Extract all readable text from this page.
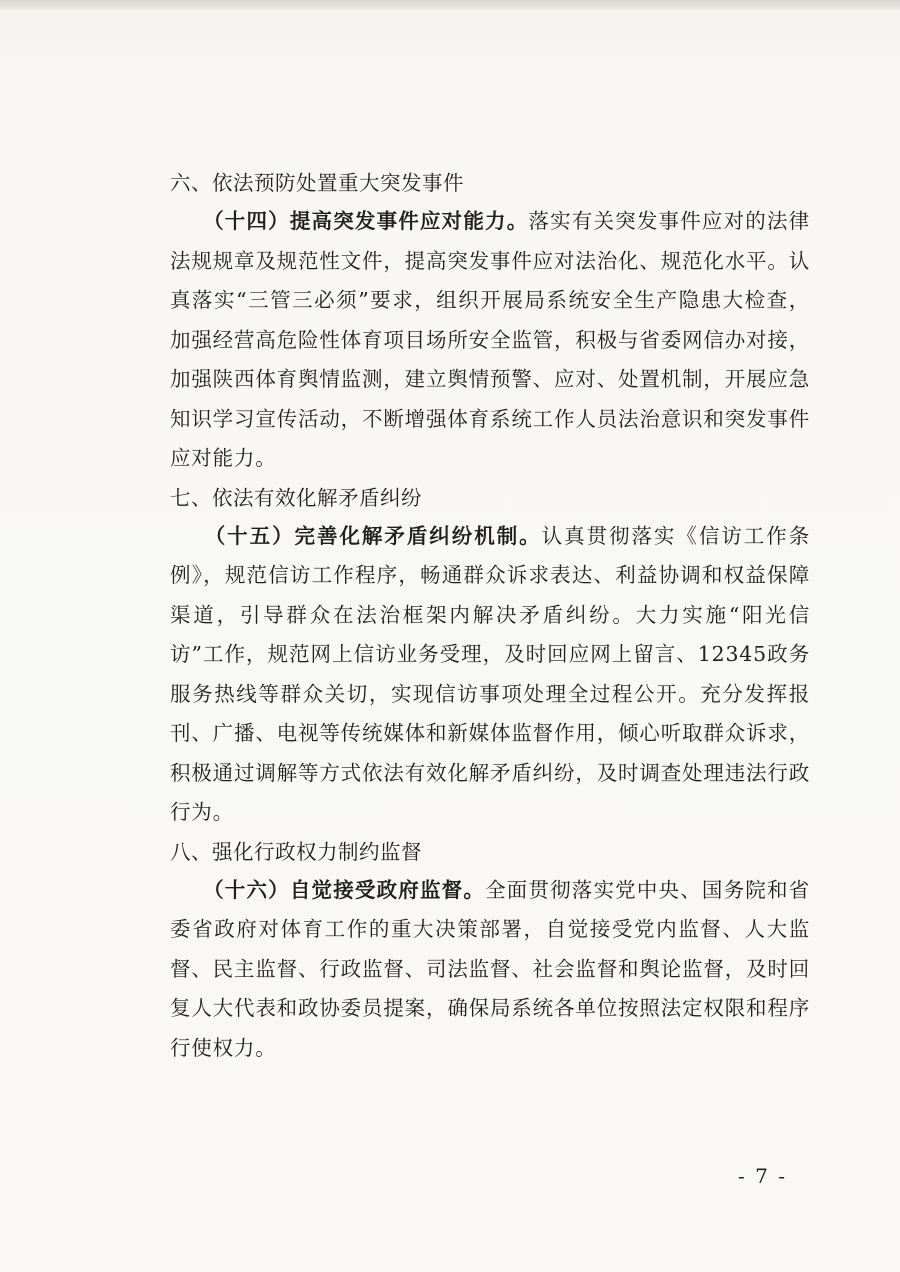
六、依法预防处置重大突发事件

　　（十四）提高突发事件应对能力。落实有关突发事件应对的法律法规规章及规范性文件，提高突发事件应对法治化、规范化水平。认真落实“三管三必须”要求，组织开展局系统安全生产隐患大检查，加强经营高危险性体育项目场所安全监管，积极与省委网信办对接，加强陕西体育舆情监测，建立舆情预警、应对、处置机制，开展应急知识学习宣传活动，不断增强体育系统工作人员法治意识和突发事件应对能力。

七、依法有效化解矛盾纠纷

　　（十五）完善化解矛盾纠纷机制。认真贯彻落实《信访工作条例》，规范信访工作程序，畅通群众诉求表达、利益协调和权益保障渠道，引导群众在法治框架内解决矛盾纠纷。大力实施“阳光信访”工作，规范网上信访业务受理，及时回应网上留言、12345政务服务热线等群众关切，实现信访事项处理全过程公开。充分发挥报刊、广播、电视等传统媒体和新媒体监督作用，倾心听取群众诉求，积极通过调解等方式依法有效化解矛盾纠纷，及时调查处理违法行政行为。

八、强化行政权力制约监督

　　（十六）自觉接受政府监督。全面贯彻落实党中央、国务院和省委省政府对体育工作的重大决策部署，自觉接受党内监督、人大监督、民主监督、行政监督、司法监督、社会监督和舆论监督，及时回复人大代表和政协委员提案，确保局系统各单位按照法定权限和程序行使权力。

- 7 -
